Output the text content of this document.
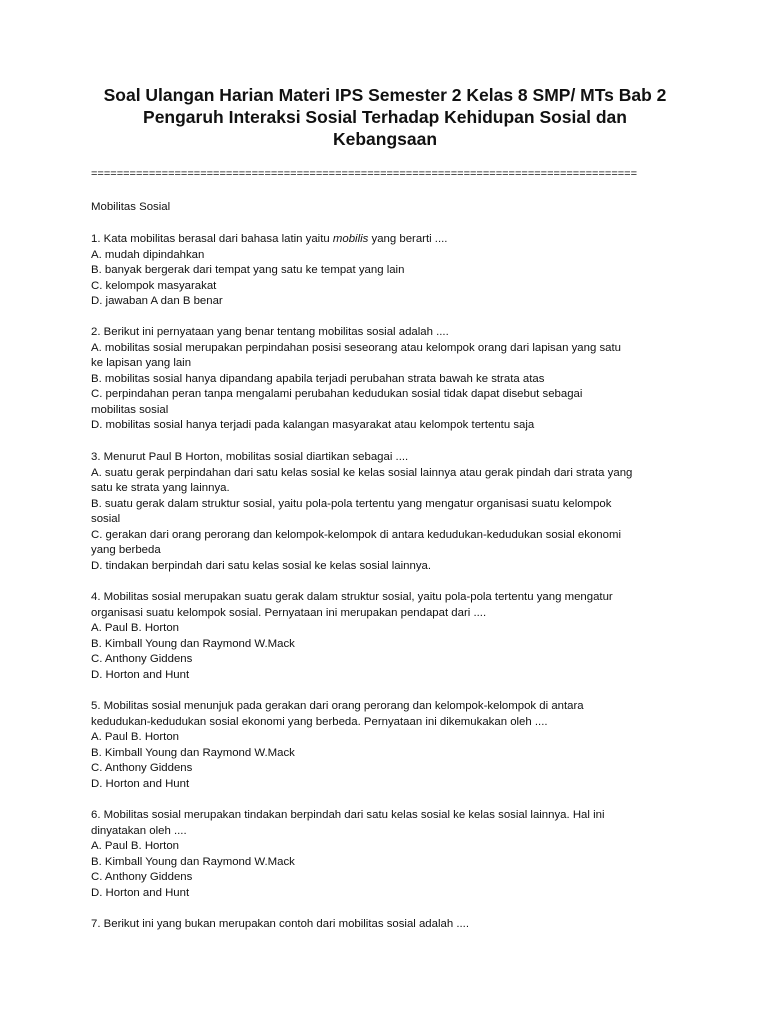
Soal Ulangan Harian Materi IPS Semester 2 Kelas 8 SMP/ MTs Bab 2
Pengaruh Interaksi Sosial Terhadap Kehidupan Sosial dan
Kebangsaan
=====================================================================================
Mobilitas Sosial
1. Kata mobilitas berasal dari bahasa latin yaitu mobilis yang berarti ....
A. mudah dipindahkan
B. banyak bergerak dari tempat yang satu ke tempat yang lain
C. kelompok masyarakat
D. jawaban A dan B benar
2. Berikut ini pernyataan yang benar tentang mobilitas sosial adalah ....
A. mobilitas sosial merupakan perpindahan posisi seseorang atau kelompok orang dari lapisan yang satu
ke lapisan yang lain
B. mobilitas sosial hanya dipandang apabila terjadi perubahan strata bawah ke strata atas
C. perpindahan peran tanpa mengalami perubahan kedudukan sosial tidak dapat disebut sebagai
mobilitas sosial
D. mobilitas sosial hanya terjadi pada kalangan masyarakat atau kelompok tertentu saja
3. Menurut Paul B Horton, mobilitas sosial diartikan sebagai ....
A. suatu gerak perpindahan dari satu kelas sosial ke kelas sosial lainnya atau gerak pindah dari strata yang
satu ke strata yang lainnya.
B. suatu gerak dalam struktur sosial, yaitu pola-pola tertentu yang mengatur organisasi suatu kelompok
sosial
C. gerakan dari orang perorang dan kelompok-kelompok di antara kedudukan-kedudukan sosial ekonomi
yang berbeda
D. tindakan berpindah dari satu kelas sosial ke kelas sosial lainnya.
4. Mobilitas sosial merupakan suatu gerak dalam struktur sosial, yaitu pola-pola tertentu yang mengatur
organisasi suatu kelompok sosial. Pernyataan ini merupakan pendapat dari ....
A. Paul B. Horton
B. Kimball Young dan Raymond W.Mack
C. Anthony Giddens
D. Horton and Hunt
5. Mobilitas sosial menunjuk pada gerakan dari orang perorang dan kelompok-kelompok di antara
kedudukan-kedudukan sosial ekonomi yang berbeda. Pernyataan ini dikemukakan oleh ....
A. Paul B. Horton
B. Kimball Young dan Raymond W.Mack
C. Anthony Giddens
D. Horton and Hunt
6. Mobilitas sosial merupakan tindakan berpindah dari satu kelas sosial ke kelas sosial lainnya. Hal ini
dinyatakan oleh ....
A. Paul B. Horton
B. Kimball Young dan Raymond W.Mack
C. Anthony Giddens
D. Horton and Hunt
7. Berikut ini yang bukan merupakan contoh dari mobilitas sosial adalah ....
